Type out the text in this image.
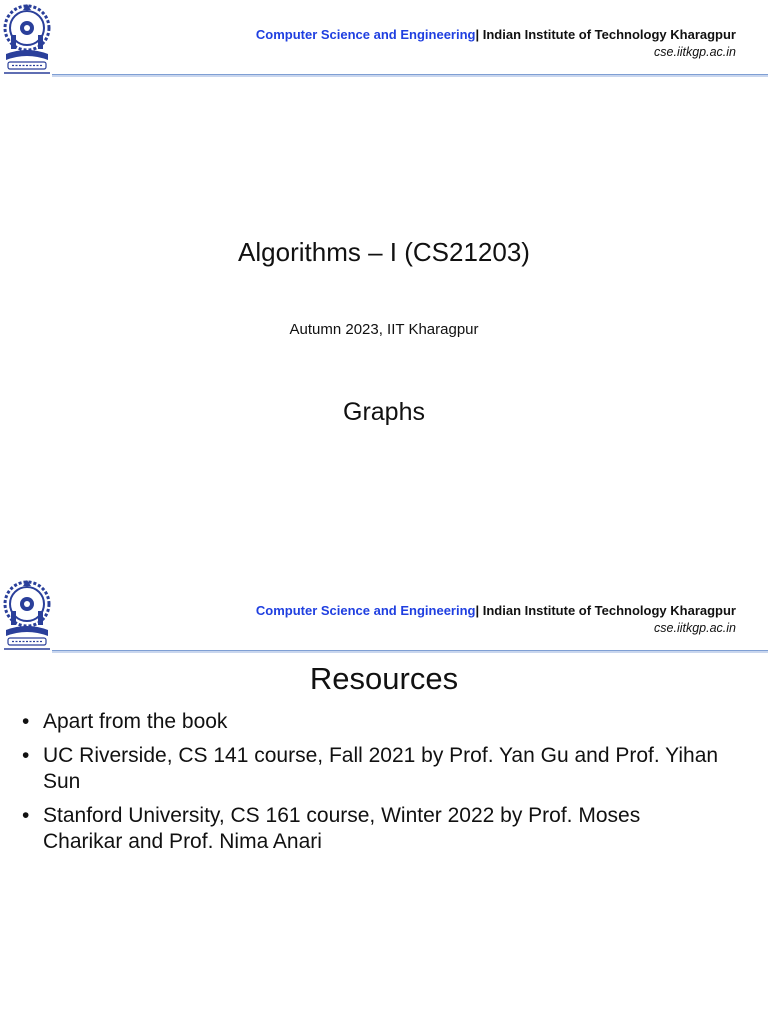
Computer Science and Engineering| Indian Institute of Technology Kharagpur
cse.iitkgp.ac.in
Algorithms – I (CS21203)
Autumn 2023, IIT Kharagpur
Graphs
Computer Science and Engineering| Indian Institute of Technology Kharagpur
cse.iitkgp.ac.in
Resources
• Apart from the book
• UC Riverside, CS 141 course, Fall 2021 by Prof. Yan Gu and Prof. Yihan Sun
• Stanford University, CS 161 course, Winter 2022 by Prof. Moses Charikar and Prof. Nima Anari
